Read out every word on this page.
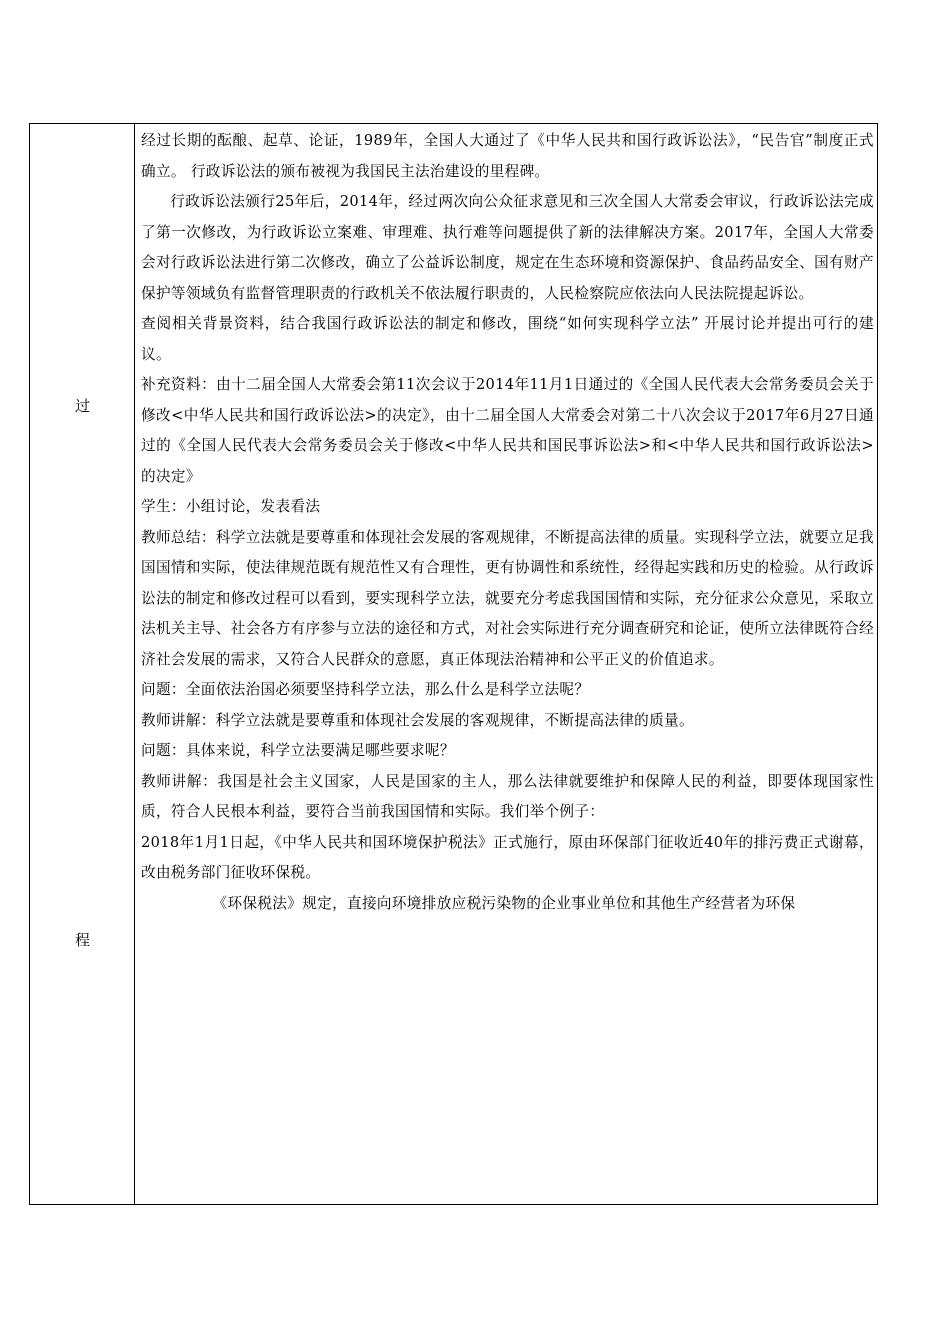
过
程

经过长期的酝酿、起草、论证，1989年，全国人大通过了《中华人民共和国行政诉讼法》，“民告官”制度正式确立。 行政诉讼法的颁布被视为我国民主法治建设的里程碑。

行政诉讼法颁行25年后，2014年，经过两次向公众征求意见和三次全国人大常委会审议，行政诉讼法完成了第一次修改，为行政诉讼立案难、审理难、执行难等问题提供了新的法律解决方案。2017年，全国人大常委会对行政诉讼法进行第二次修改，确立了公益诉讼制度，规定在生态环境和资源保护、食品药品安全、国有财产保护等领域负有监督管理职责的行政机关不依法履行职责的，人民检察院应依法向人民法院提起诉讼。

查阅相关背景资料，结合我国行政诉讼法的制定和修改，围绕“如何实现科学立法” 开展讨论并提出可行的建议。

补充资料：由十二届全国人大常委会第11次会议于2014年11月1日通过的《全国人民代表大会常务委员会关于修改<中华人民共和国行政诉讼法>的决定》，由十二届全国人大常委会对第二十八次会议于2017年6月27日通过的《全国人民代表大会常务委员会关于修改<中华人民共和国民事诉讼法>和<中华人民共和国行政诉讼法>的决定》

学生：小组讨论，发表看法

教师总结：科学立法就是要尊重和体现社会发展的客观规律，不断提高法律的质量。实现科学立法，就要立足我国国情和实际，使法律规范既有规范性又有合理性，更有协调性和系统性，经得起实践和历史的检验。从行政诉讼法的制定和修改过程可以看到，要实现科学立法，就要充分考虑我国国情和实际，充分征求公众意见，采取立法机关主导、社会各方有序参与立法的途径和方式，对社会实际进行充分调查研究和论证，使所立法律既符合经济社会发展的需求，又符合人民群众的意愿，真正体现法治精神和公平正义的价值追求。

问题：全面依法治国必须要坚持科学立法，那么什么是科学立法呢？

教师讲解：科学立法就是要尊重和体现社会发展的客观规律，不断提高法律的质量。

问题：具体来说，科学立法要满足哪些要求呢？

教师讲解：我国是社会主义国家，人民是国家的主人，那么法律就要维护和保障人民的利益，即要体现国家性质，符合人民根本利益，要符合当前我国国情和实际。我们举个例子：

2018年1月1日起，《中华人民共和国环境保护税法》正式施行，原由环保部门征收近40年的排污费正式谢幕，改由税务部门征收环保税。

《环保税法》规定，直接向环境排放应税污染物的企业事业单位和其他生产经营者为环保
